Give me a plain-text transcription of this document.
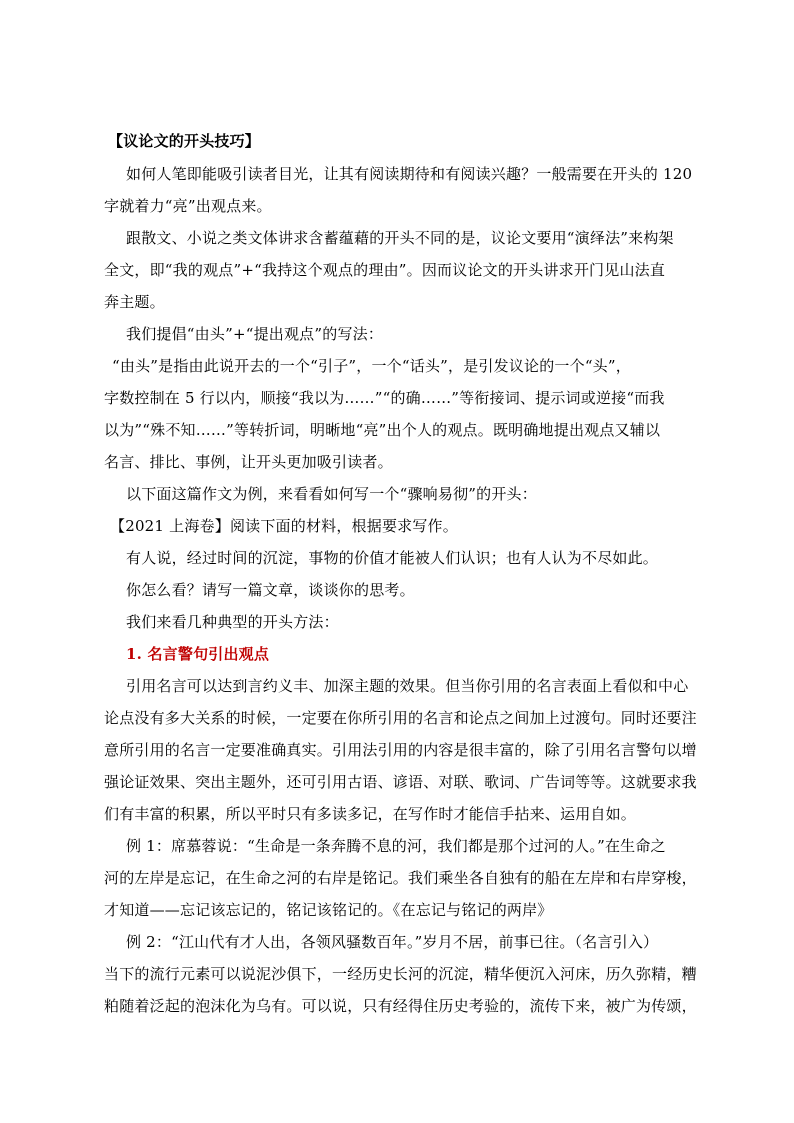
【议论文的开头技巧】
如何人笔即能吸引读者目光，让其有阅读期待和有阅读兴趣？一般需要在开头的 120
字就着力“亮”出观点来。
跟散文、小说之类文体讲求含蓄蕴藉的开头不同的是，议论文要用“演绎法”来构架
全文，即“我的观点”+“我持这个观点的理由”。因而议论文的开头讲求开门见山法直
奔主题。
我们提倡“由头”+“提出观点”的写法：
“由头”是指由此说开去的一个“引子”，一个“话头”，是引发议论的一个“头”，
字数控制在 5 行以内，顺接“我以为……”“的确……”等衔接词、提示词或逆接“而我
以为”“殊不知……”等转折词，明晰地“亮”出个人的观点。既明确地提出观点又辅以
名言、排比、事例，让开头更加吸引读者。
以下面这篇作文为例，来看看如何写一个“骤响易彻”的开头：
【2021 上海卷】阅读下面的材料，根据要求写作。
有人说，经过时间的沉淀，事物的价值才能被人们认识；也有人认为不尽如此。
你怎么看？请写一篇文章，谈谈你的思考。
我们来看几种典型的开头方法：
1. 名言警句引出观点
引用名言可以达到言约义丰、加深主题的效果。但当你引用的名言表面上看似和中心
论点没有多大关系的时候，一定要在你所引用的名言和论点之间加上过渡句。同时还要注
意所引用的名言一定要准确真实。引用法引用的内容是很丰富的，除了引用名言警句以增
强论证效果、突出主题外，还可引用古语、谚语、对联、歌词、广告词等等。这就要求我
们有丰富的积累，所以平时只有多读多记，在写作时才能信手拈来、运用自如。
例 1：席慕蓉说：“生命是一条奔腾不息的河，我们都是那个过河的人。”在生命之
河的左岸是忘记，在生命之河的右岸是铭记。我们乘坐各自独有的船在左岸和右岸穿梭，
才知道——忘记该忘记的，铭记该铭记的。《在忘记与铭记的两岸》
例 2：“江山代有才人出，各领风骚数百年。”岁月不居，前事已往。（名言引入）
当下的流行元素可以说泥沙俱下，一经历史长河的沉淀，精华便沉入河床，历久弥精，糟
粕随着泛起的泡沫化为乌有。可以说，只有经得住历史考验的，流传下来，被广为传颂，
